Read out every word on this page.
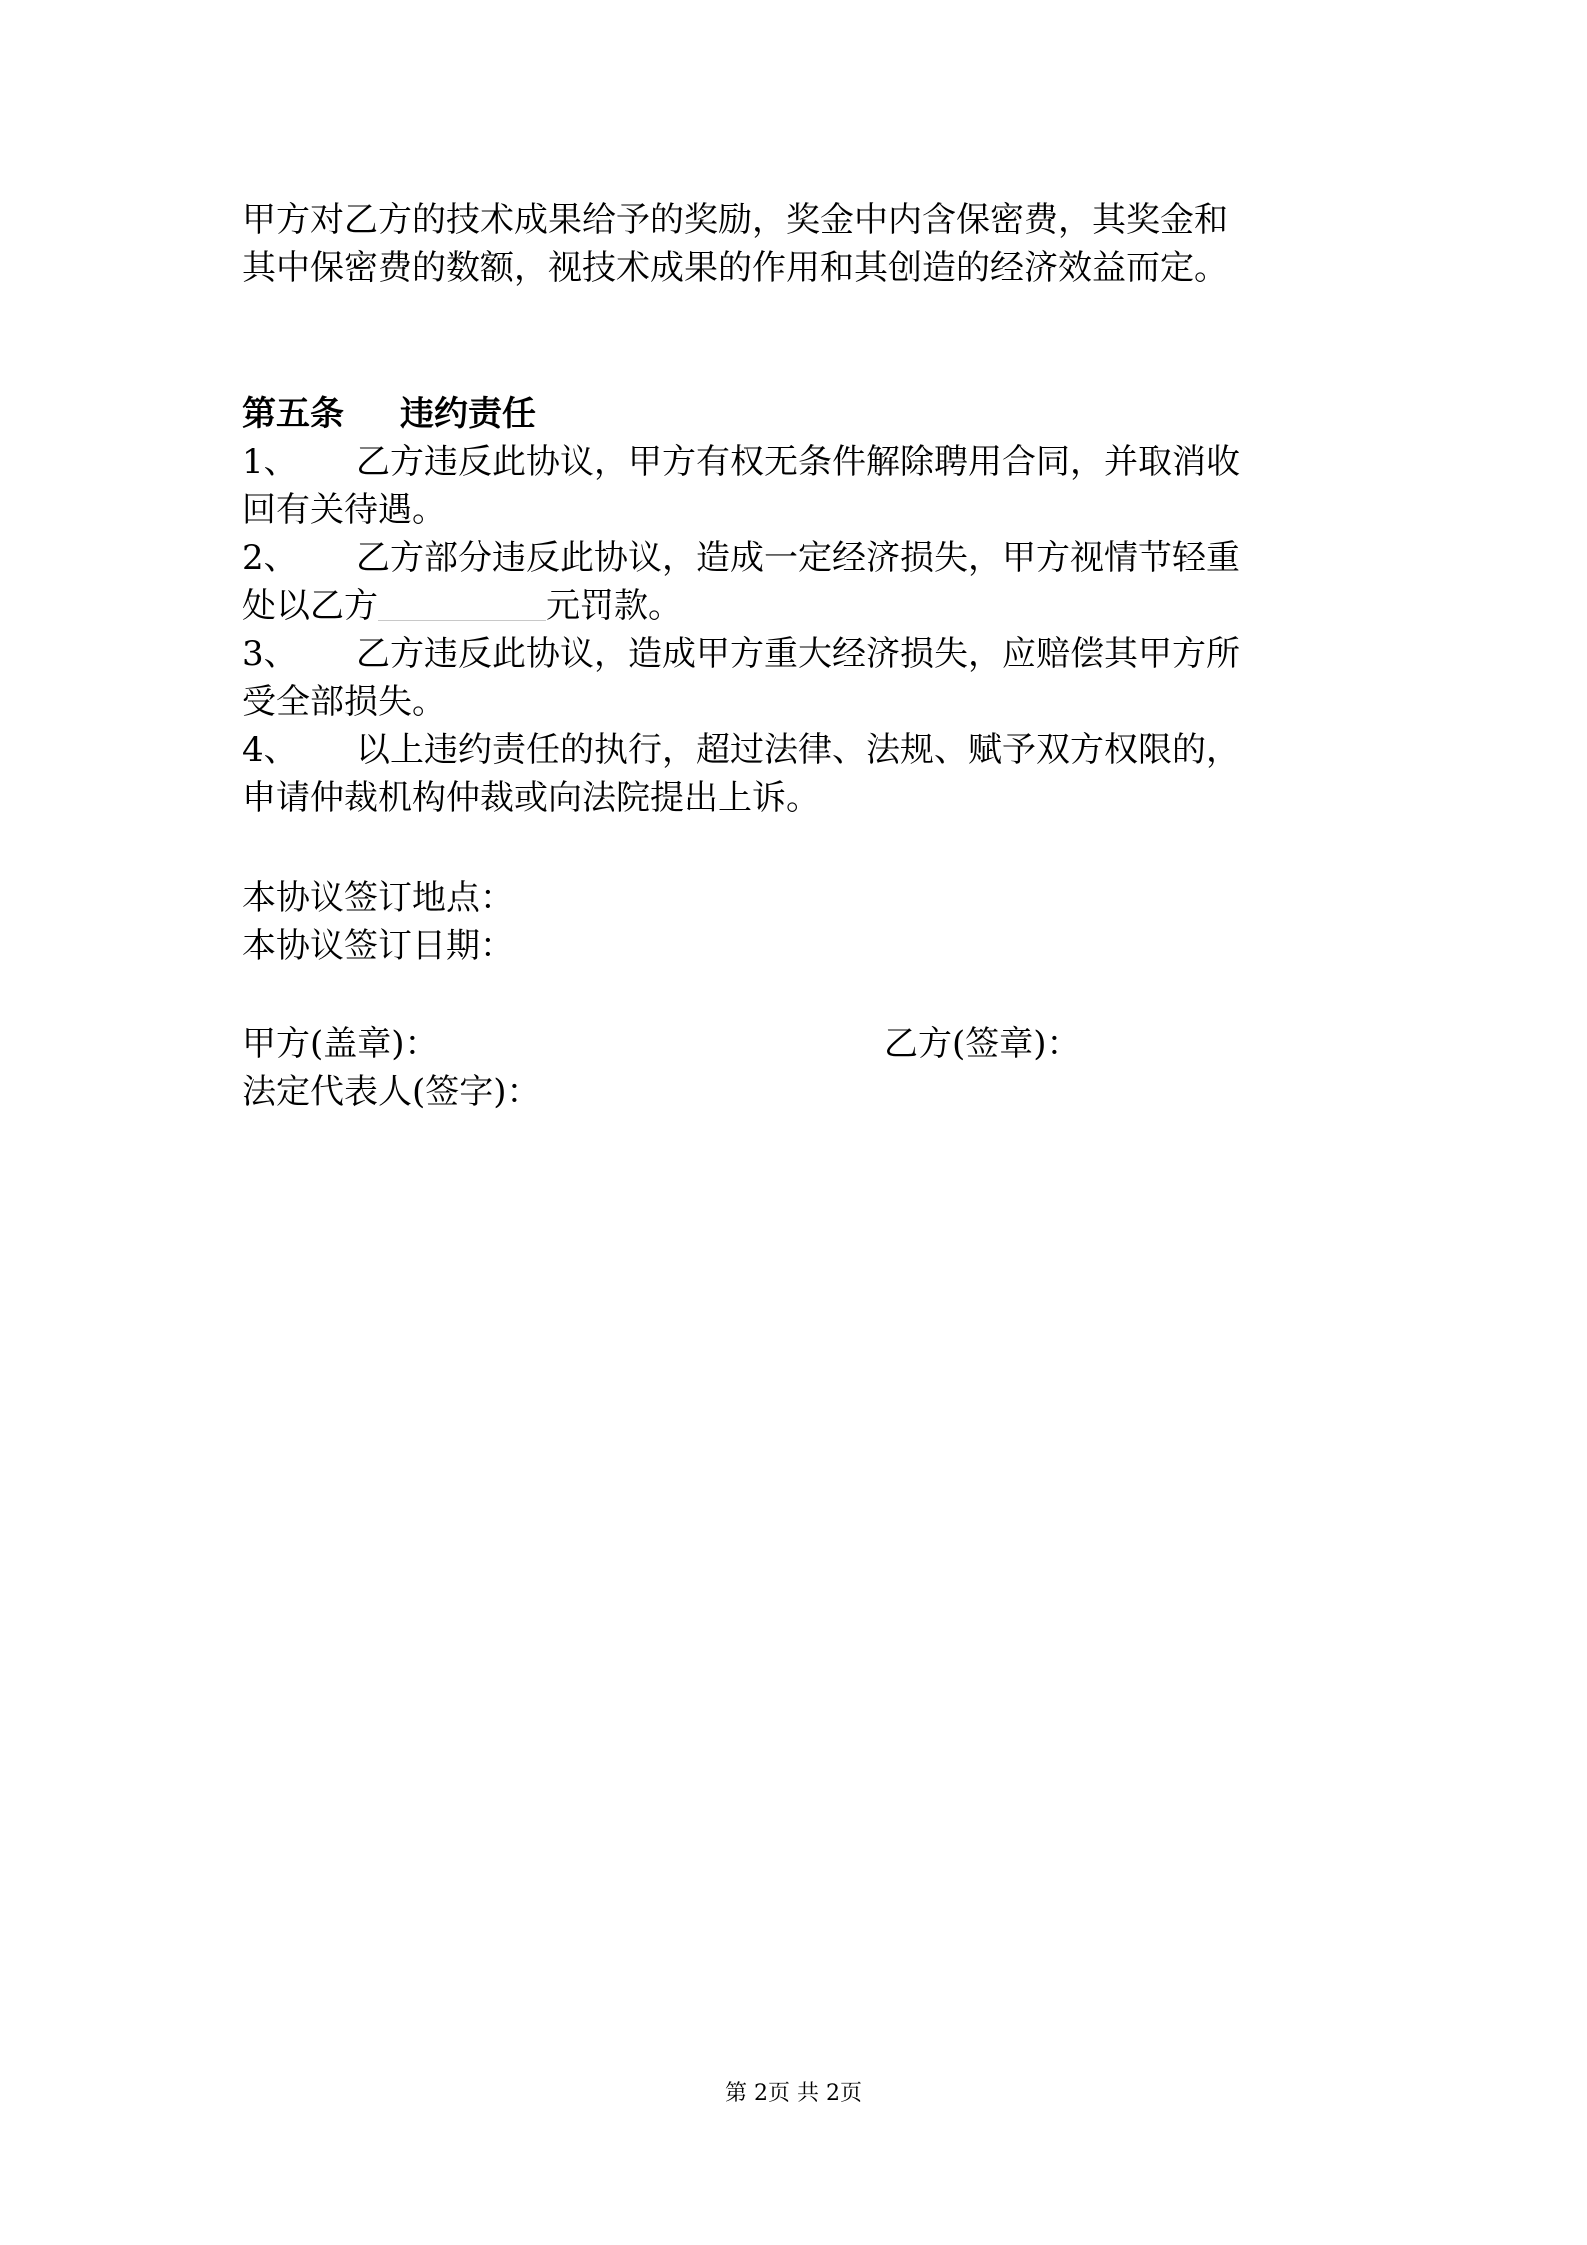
甲方对乙方的技术成果给予的奖励，奖金中内含保密费，其奖金和
其中保密费的数额，视技术成果的作用和其创造的经济效益而定。
第五条 违约责任
1、 乙方违反此协议，甲方有权无条件解除聘用合同，并取消收
回有关待遇。
2、 乙方部分违反此协议，造成一定经济损失，甲方视情节轻重
处以乙方	元罚款。
3、 乙方违反此协议，造成甲方重大经济损失，应赔偿其甲方所
受全部损失。
4、 以上违约责任的执行，超过法律、法规、赋予双方权限的，
申请仲裁机构仲裁或向法院提出上诉。
本协议签订地点：
本协议签订日期：
甲方(盖章)：	乙方(签章)：
法定代表人(签字)：
第 2页 共 2页
